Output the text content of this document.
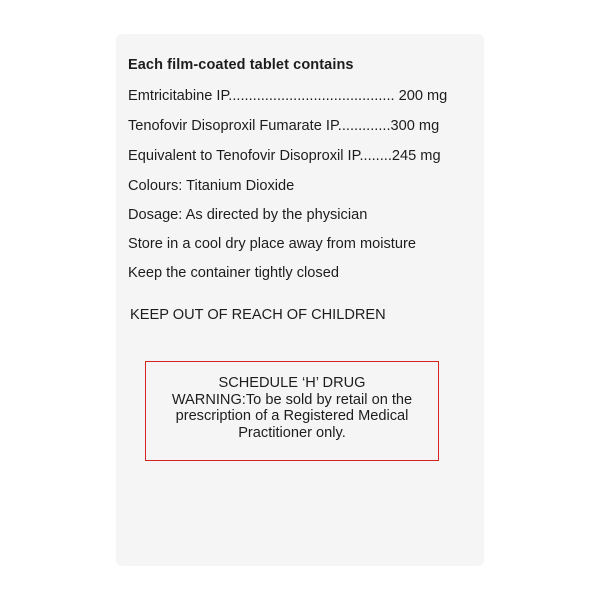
Each film-coated tablet contains
Emtricitabine IP......................................... 200 mg
Tenofovir Disoproxil Fumarate IP.............300 mg
Equivalent to Tenofovir Disoproxil IP........245 mg
Colours: Titanium Dioxide
Dosage: As directed by the physician
Store in a cool dry place away from moisture
Keep the container tightly closed
KEEP OUT OF REACH OF CHILDREN
SCHEDULE ‘H’ DRUG
WARNING:To be sold by retail on the
prescription of a Registered Medical
Practitioner only.
